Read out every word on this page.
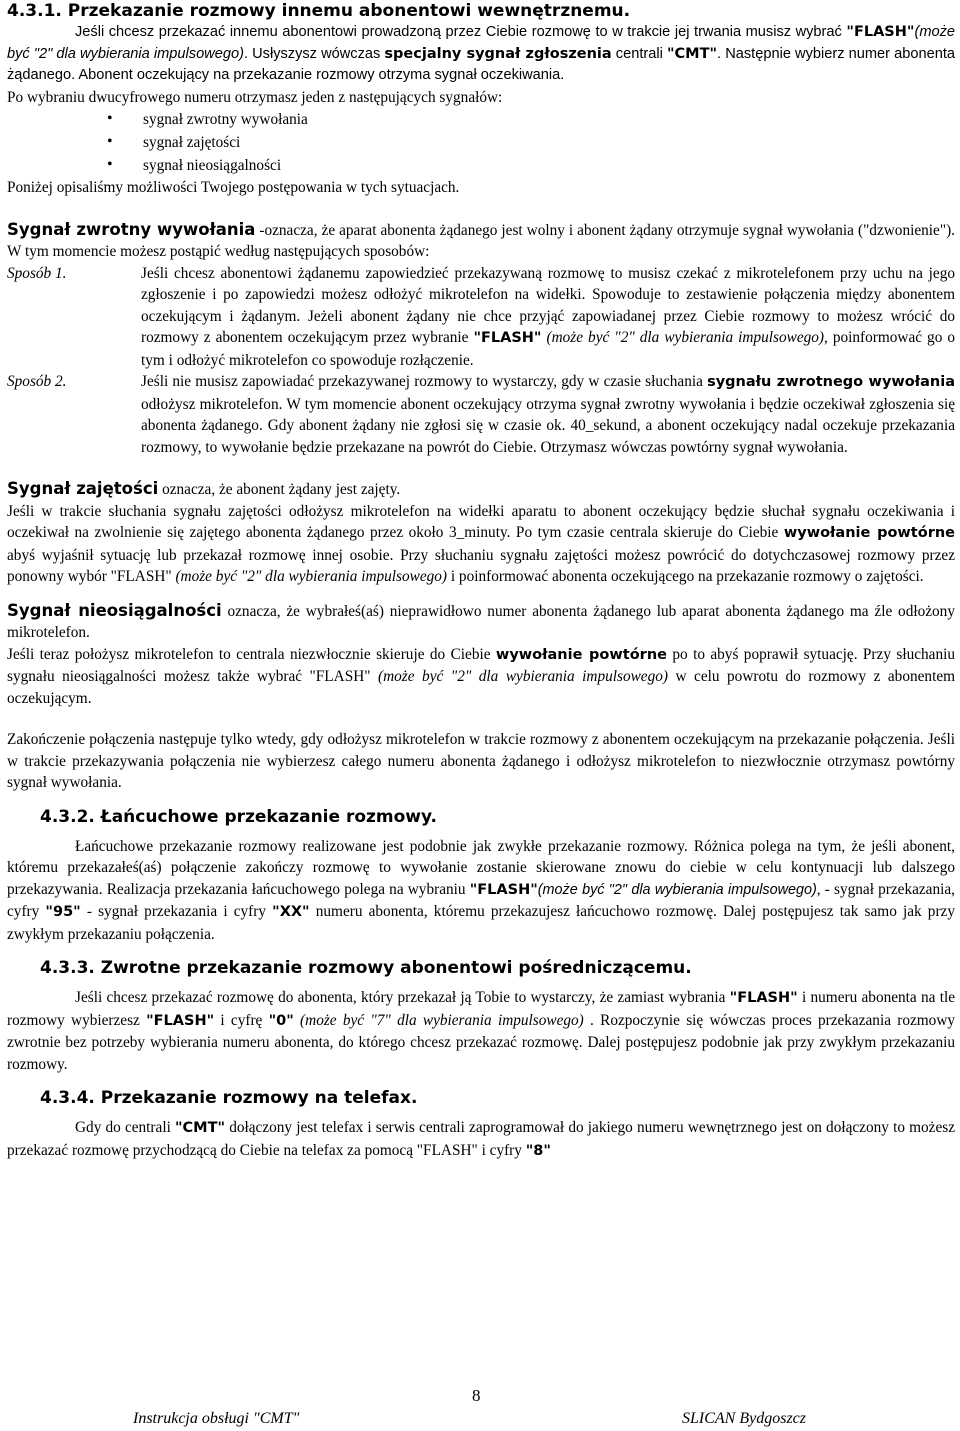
4.3.1. Przekazanie rozmowy innemu abonentowi wewnętrznemu.

Jeśli chcesz przekazać innemu abonentowi prowadzoną przez Ciebie rozmowę to w trakcie jej trwania musisz wybrać "FLASH"(może być "2" dla wybierania impulsowego). Usłyszysz wówczas specjalny sygnał zgłoszenia centrali "CMT". Następnie wybierz numer abonenta żądanego. Abonent oczekujący na przekazanie rozmowy otrzyma sygnał oczekiwania.

Po wybraniu dwucyfrowego numeru otrzymasz jeden z następujących sygnałów:

• sygnał zwrotny wywołania
• sygnał zajętości
• sygnał nieosiągalności

Poniżej opisaliśmy możliwości Twojego postępowania w tych sytuacjach.

Sygnał zwrotny wywołania -oznacza, że aparat abonenta żądanego jest wolny i abonent żądany otrzymuje sygnał wywołania ("dzwonienie"). W tym momencie możesz postąpić według następujących sposobów:

Sposób 1.	Jeśli chcesz abonentowi żądanemu zapowiedzieć przekazywaną rozmowę to musisz czekać z mikrotelefonem przy uchu na jego zgłoszenie i po zapowiedzi możesz odłożyć mikrotelefon na widełki. Spowoduje to zestawienie połączenia między abonentem oczekującym i żądanym. Jeżeli abonent żądany nie chce przyjąć zapowiadanej przez Ciebie rozmowy to możesz wrócić do rozmowy z abonentem oczekującym przez wybranie "FLASH" (może być "2" dla wybierania impulsowego), poinformować go o tym i odłożyć mikrotelefon co spowoduje rozłączenie.

Sposób 2.	Jeśli nie musisz zapowiadać przekazywanej rozmowy to wystarczy, gdy w czasie słuchania sygnału zwrotnego wywołania odłożysz mikrotelefon. W tym momencie abonent oczekujący otrzyma sygnał zwrotny wywołania i będzie oczekiwał zgłoszenia się abonenta żądanego. Gdy abonent żądany nie zgłosi się w czasie ok. 40_sekund, a abonent oczekujący nadal oczekuje przekazania rozmowy, to wywołanie będzie przekazane na powrót do Ciebie. Otrzymasz wówczas powtórny sygnał wywołania.

Sygnał zajętości oznacza, że abonent żądany jest zajęty.

Jeśli w trakcie słuchania sygnału zajętości odłożysz mikrotelefon na widełki aparatu to abonent oczekujący będzie słuchał sygnału oczekiwania i oczekiwał na zwolnienie się zajętego abonenta żądanego przez około 3_minuty. Po tym czasie centrala skieruje do Ciebie wywołanie powtórne abyś wyjaśnił sytuację lub przekazał rozmowę innej osobie. Przy słuchaniu sygnału zajętości możesz powrócić do dotychczasowej rozmowy przez ponowny wybór "FLASH" (może być "2" dla wybierania impulsowego) i poinformować abonenta oczekującego na przekazanie rozmowy o zajętości.

Sygnał nieosiągalności oznacza, że wybrałeś(aś) nieprawidłowo numer abonenta żądanego lub aparat abonenta żądanego ma źle odłożony mikrotelefon.

Jeśli teraz położysz mikrotelefon to centrala niezwłocznie skieruje do Ciebie wywołanie powtórne po to abyś poprawił sytuację. Przy słuchaniu sygnału nieosiągalności możesz także wybrać "FLASH" (może być "2" dla wybierania impulsowego) w celu powrotu do rozmowy z abonentem oczekującym.

Zakończenie połączenia następuje tylko wtedy, gdy odłożysz mikrotelefon w trakcie rozmowy z abonentem oczekującym na przekazanie połączenia. Jeśli w trakcie przekazywania połączenia nie wybierzesz całego numeru abonenta żądanego i odłożysz mikrotelefon to niezwłocznie otrzymasz powtórny sygnał wywołania.

4.3.2. Łańcuchowe przekazanie rozmowy.

Łańcuchowe przekazanie rozmowy realizowane jest podobnie jak zwykłe przekazanie rozmowy. Różnica polega na tym, że jeśli abonent, któremu przekazałeś(aś) połączenie zakończy rozmowę to wywołanie zostanie skierowane znowu do ciebie w celu kontynuacji lub dalszego przekazywania. Realizacja przekazania łańcuchowego polega na wybraniu "FLASH"(może być "2" dla wybierania impulsowego), - sygnał przekazania, cyfry "95" - sygnał przekazania i cyfry "XX" numeru abonenta, któremu przekazujesz łańcuchowo rozmowę. Dalej postępujesz tak samo jak przy zwykłym przekazaniu połączenia.

4.3.3. Zwrotne przekazanie rozmowy abonentowi pośredniczącemu.

Jeśli chcesz przekazać rozmowę do abonenta, który przekazał ją Tobie to wystarczy, że zamiast wybrania "FLASH" i numeru abonenta na tle rozmowy wybierzesz "FLASH" i cyfrę "0" (może być "7" dla wybierania impulsowego) . Rozpoczynie się wówczas proces przekazania rozmowy zwrotnie bez potrzeby wybierania numeru abonenta, do którego chcesz przekazać rozmowę. Dalej postępujesz podobnie jak przy zwykłym przekazaniu rozmowy.

4.3.4. Przekazanie rozmowy na telefax.

Gdy do centrali "CMT" dołączony jest telefax i serwis centrali zaprogramował do jakiego numeru wewnętrznego jest on dołączony to możesz przekazać rozmowę przychodzącą do Ciebie na telefax za pomocą "FLASH" i cyfry "8"

8
Instrukcja obsługi "CMT"	SLICAN Bydgoszcz
